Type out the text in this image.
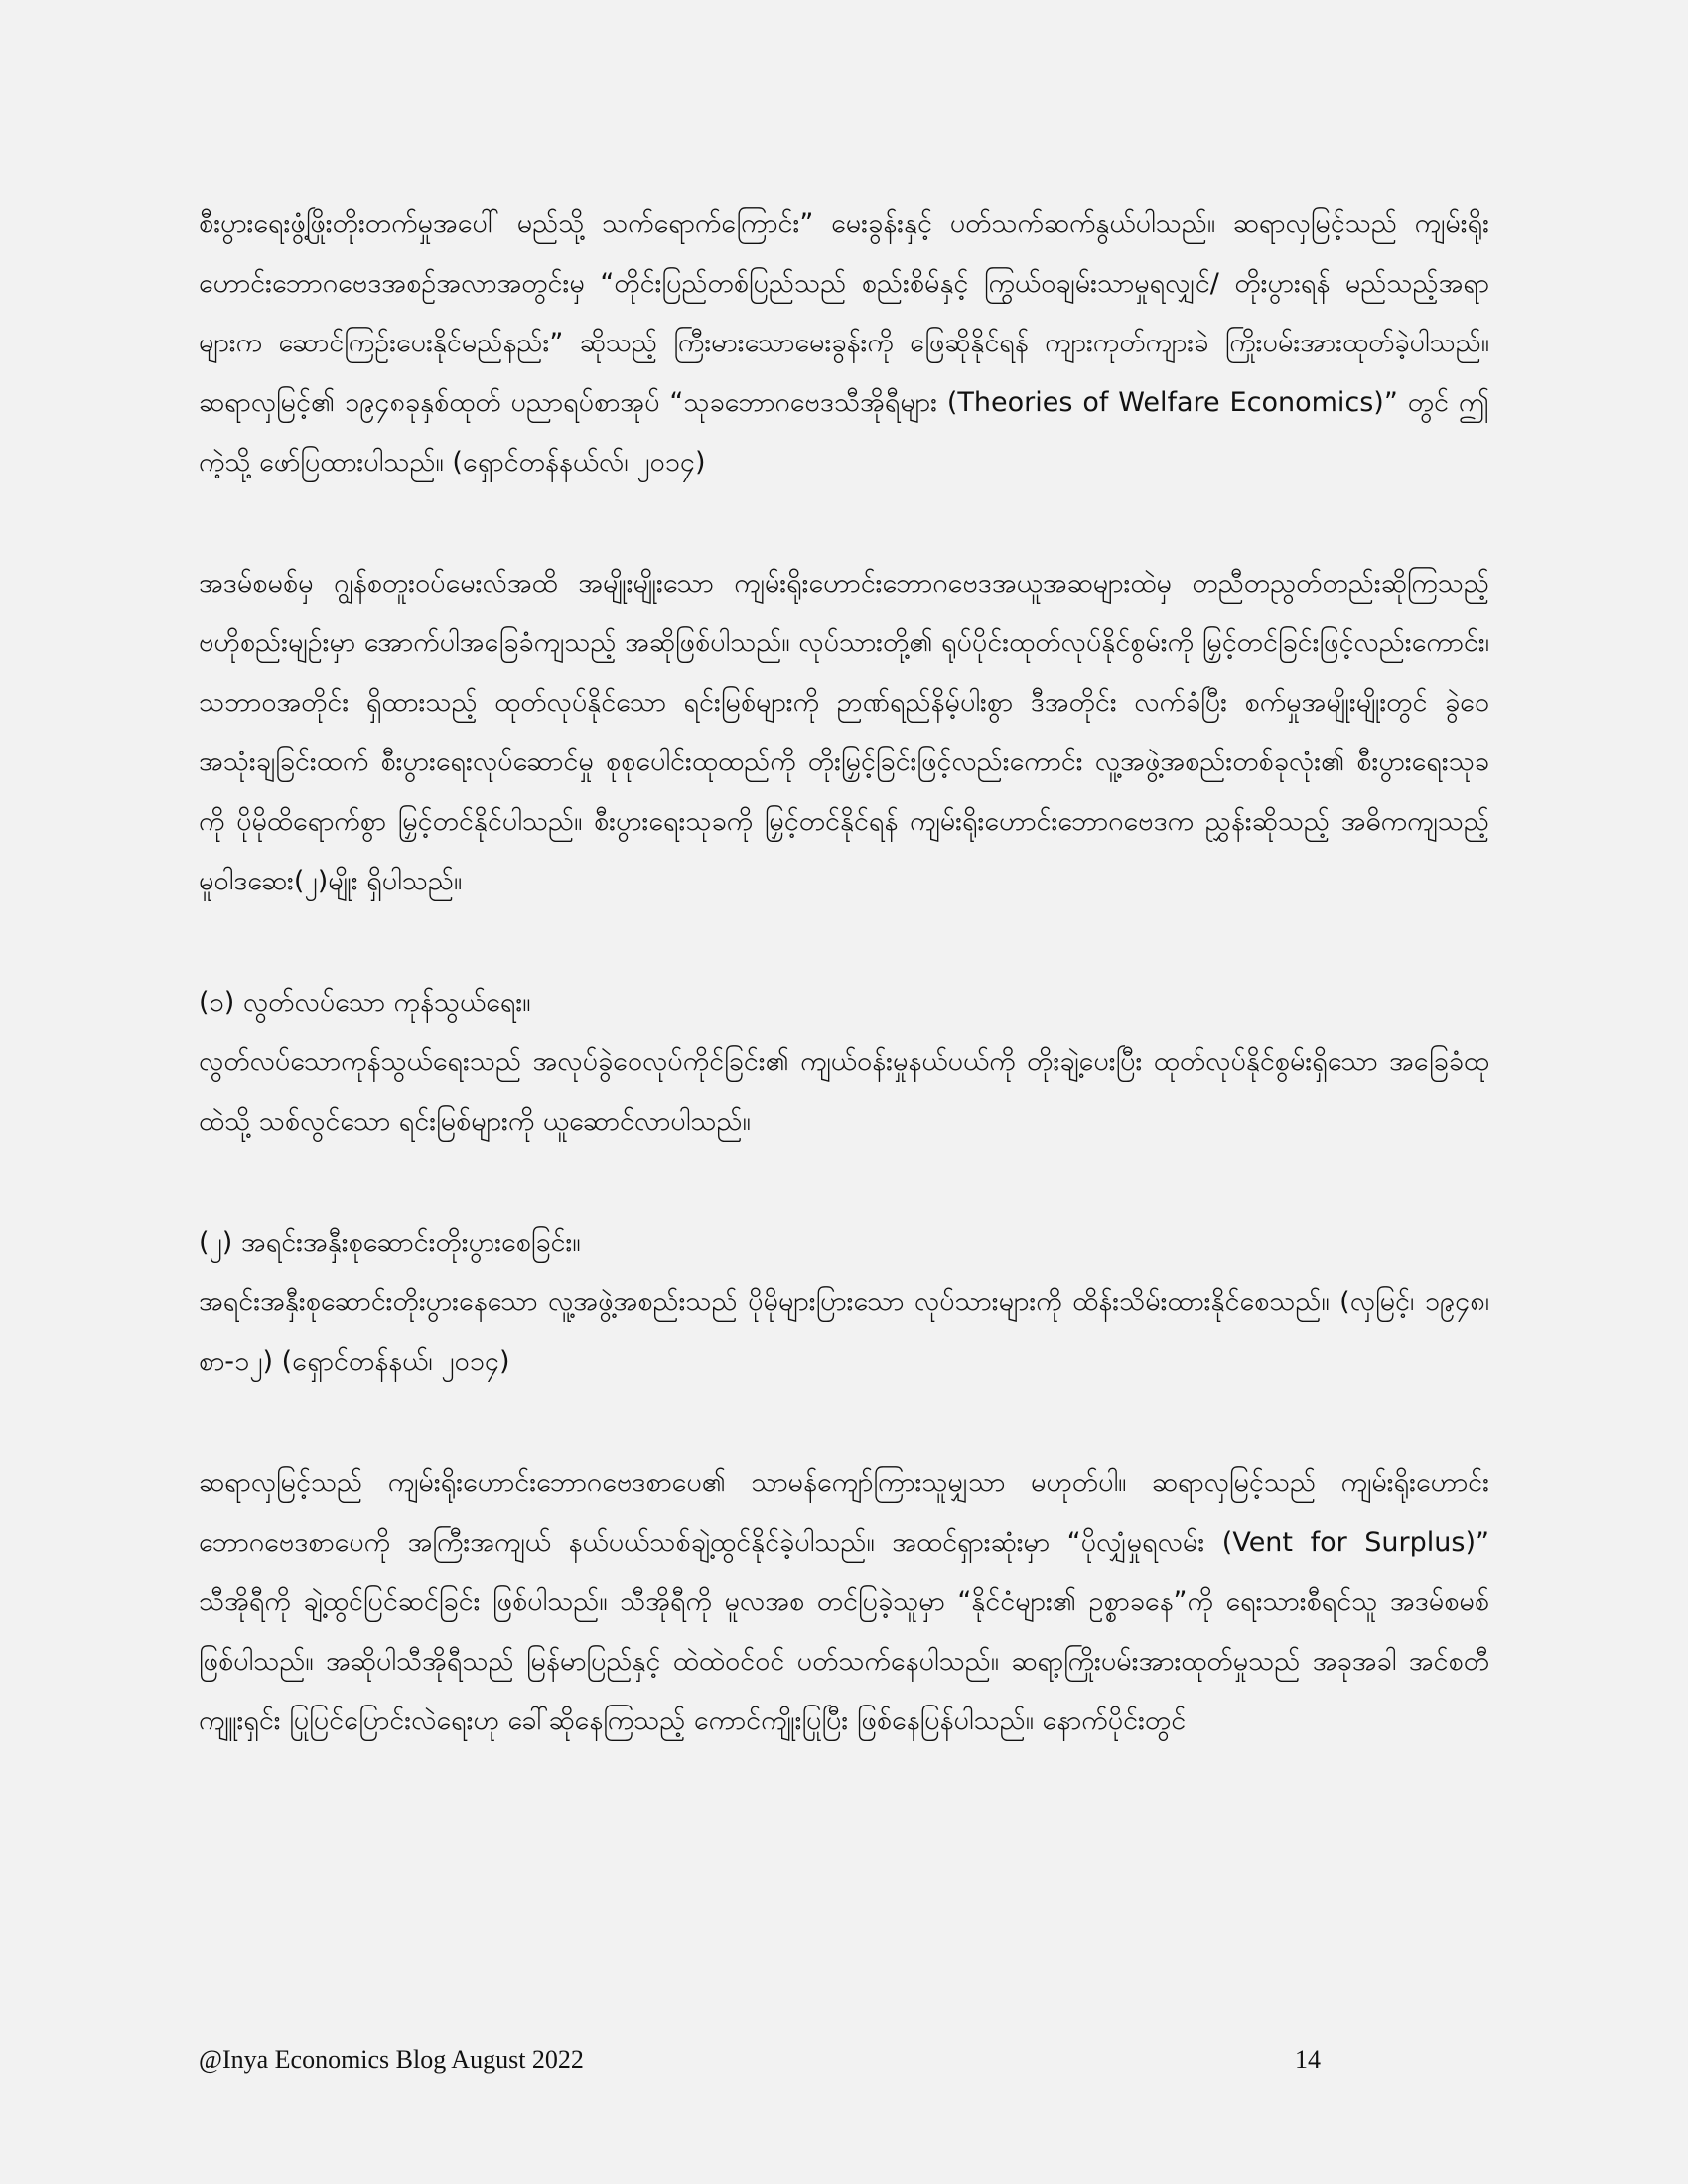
စီးပွားရေးဖွံ့ဖြိုးတိုးတက်မှုအပေါ် မည်သို့ သက်ရောက်ကြောင်း” မေးခွန်းနှင့် ပတ်သက်ဆက်နွယ်ပါသည်။ ဆရာလှမြင့်သည် ကျမ်းရိုးဟောင်းဘောဂဗေဒအစဉ်အလာအတွင်းမှ “တိုင်းပြည်တစ်ပြည်သည် စည်းစိမ်နှင့် ကြွယ်ဝချမ်းသာမှုရလျှင်/ တိုးပွားရန် မည်သည့်အရာများက ဆောင်ကြဉ်းပေးနိုင်မည်နည်း” ဆိုသည့် ကြီးမားသောမေးခွန်းကို ဖြေဆိုနိုင်ရန် ကျားကုတ်ကျားခဲ ကြိုးပမ်းအားထုတ်ခဲ့ပါသည်။ ဆရာလှမြင့်၏ ၁၉၄၈ခုနှစ်ထုတ် ပညာရပ်စာအုပ် “သုခဘောဂဗေဒသီအိုရီများ (Theories of Welfare Economics)” တွင် ဤကဲ့သို့ ဖော်ပြထားပါသည်။ (ရှောင်တန်နယ်လ်၊ ၂၀၁၄)

အဒမ်စမစ်မှ ဂျွန်စတူးဝပ်မေးလ်အထိ အမျိုးမျိုးသော ကျမ်းရိုးဟောင်းဘောဂဗေဒအယူအဆများထဲမှ တညီတညွတ်တည်းဆိုကြသည့် ဗဟိုစည်းမျဉ်းမှာ အောက်ပါအခြေခံကျသည့် အဆိုဖြစ်ပါသည်။ လုပ်သားတို့၏ ရုပ်ပိုင်းထုတ်လုပ်နိုင်စွမ်းကို မြှင့်တင်ခြင်းဖြင့်လည်းကောင်း၊ သဘာဝအတိုင်း ရှိထားသည့် ထုတ်လုပ်နိုင်သော ရင်းမြစ်များကို ဉာဏ်ရည်နိမ့်ပါးစွာ ဒီအတိုင်း လက်ခံပြီး စက်မှုအမျိုးမျိုးတွင် ခွဲဝေအသုံးချခြင်းထက် စီးပွားရေးလုပ်ဆောင်မှု စုစုပေါင်းထုထည်ကို တိုးမြှင့်ခြင်းဖြင့်လည်းကောင်း လူ့အဖွဲ့အစည်းတစ်ခုလုံး၏ စီးပွားရေးသုခကို ပိုမိုထိရောက်စွာ မြှင့်တင်နိုင်ပါသည်။ စီးပွားရေးသုခကို မြှင့်တင်နိုင်ရန် ကျမ်းရိုးဟောင်းဘောဂဗေဒက ညွှန်းဆိုသည့် အဓိကကျသည့် မူဝါဒဆေး(၂)မျိုး ရှိပါသည်။

(၁) လွတ်လပ်သော ကုန်သွယ်ရေး။

လွတ်လပ်သောကုန်သွယ်ရေးသည် အလုပ်ခွဲဝေလုပ်ကိုင်ခြင်း၏ ကျယ်ဝန်းမှုနယ်ပယ်ကို တိုးချဲ့ပေးပြီး ထုတ်လုပ်နိုင်စွမ်းရှိသော အခြေခံထုထဲသို့ သစ်လွင်သော ရင်းမြစ်များကို ယူဆောင်လာပါသည်။

(၂) အရင်းအနှီးစုဆောင်းတိုးပွားစေခြင်း။

အရင်းအနှီးစုဆောင်းတိုးပွားနေသော လူ့အဖွဲ့အစည်းသည် ပိုမိုများပြားသော လုပ်သားများကို ထိန်းသိမ်းထားနိုင်စေသည်။ (လှမြင့်၊ ၁၉၄၈၊ စာ-၁၂) (ရှောင်တန်နယ်၊ ၂၀၁၄)

ဆရာလှမြင့်သည် ကျမ်းရိုးဟောင်းဘောဂဗေဒစာပေ၏ သာမန်ကျော်ကြားသူမျှသာ မဟုတ်ပါ။ ဆရာလှမြင့်သည် ကျမ်းရိုးဟောင်းဘောဂဗေဒစာပေကို အကြီးအကျယ် နယ်ပယ်သစ်ချဲ့ထွင်နိုင်ခဲ့ပါသည်။ အထင်ရှားဆုံးမှာ “ပိုလျှံမှုရလမ်း (Vent for Surplus)” သီအိုရီကို ချဲ့ထွင်ပြင်ဆင်ခြင်း ဖြစ်ပါသည်။ သီအိုရီကို မူလအစ တင်ပြခဲ့သူမှာ “နိုင်ငံများ၏ ဥစ္စာခနေ”ကို ရေးသားစီရင်သူ အဒမ်စမစ် ဖြစ်ပါသည်။ အဆိုပါသီအိုရီသည် မြန်မာပြည်နှင့် ထဲထဲဝင်ဝင် ပတ်သက်နေပါသည်။ ဆရာ့ကြိုးပမ်းအားထုတ်မှုသည် အခုအခါ အင်စတီကျူးရှင်း ပြုပြင်ပြောင်းလဲရေးဟု ခေါ်ဆိုနေကြသည့် ကောင်ကျိုးပြုပြီး ဖြစ်နေပြန်ပါသည်။ နောက်ပိုင်းတွင်

@Inya Economics Blog August 2022	14
